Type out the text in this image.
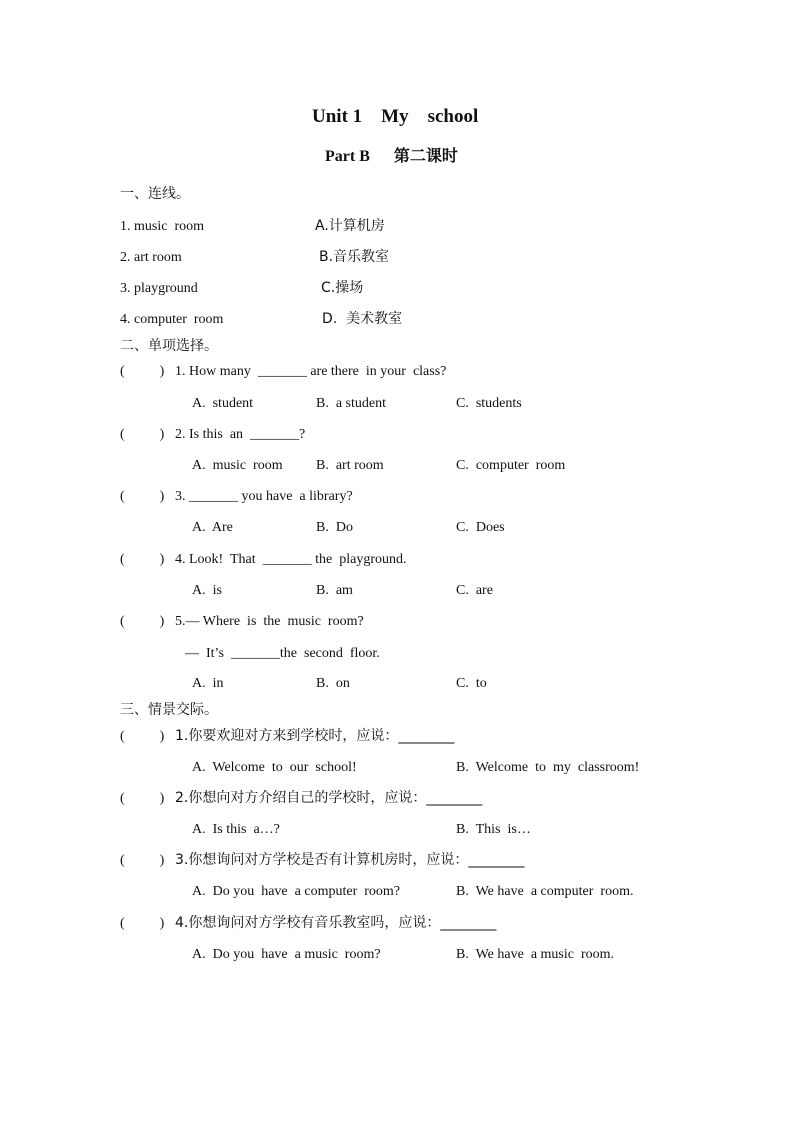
Unit 1    My    school
Part B      第二课时
一、连线。
1. music  room	A.计算机房
2. art room	B.音乐教室
3. playground	C.操场
4. computer  room	D.  美术教室
二、单项选择。
(          ) 1. How many  _______ are there  in your  class?
A.  student	B.  a student	C.  students
(          ) 2. Is this  an  _______?
A.  music  room B.  art room	C.  computer  room
(          ) 3. _______ you have  a library?
A.  Are	B.  Do	C.  Does
(          ) 4. Look!  That  _______ the  playground.
A.  is	B.  am	C.  are
(          ) 5.— Where  is  the  music  room?
—  It’s  _______the  second  floor.
A.  in	B.  on	C.  to
三、情景交际。
(          ) 1.你要欢迎对方来到学校时，应说：________
A.  Welcome  to  our  school!	B.  Welcome  to  my  classroom!
(          ) 2.你想向对方介绍自己的学校时，应说：________
A.  Is this  a…?	B.  This  is…
(          ) 3.你想询问对方学校是否有计算机房时，应说：________
A.  Do you  have  a computer  room?	B.  We have  a computer  room.
(          ) 4.你想询问对方学校有音乐教室吗，应说：________
A.  Do you  have  a music  room?	B.  We have  a music  room.
